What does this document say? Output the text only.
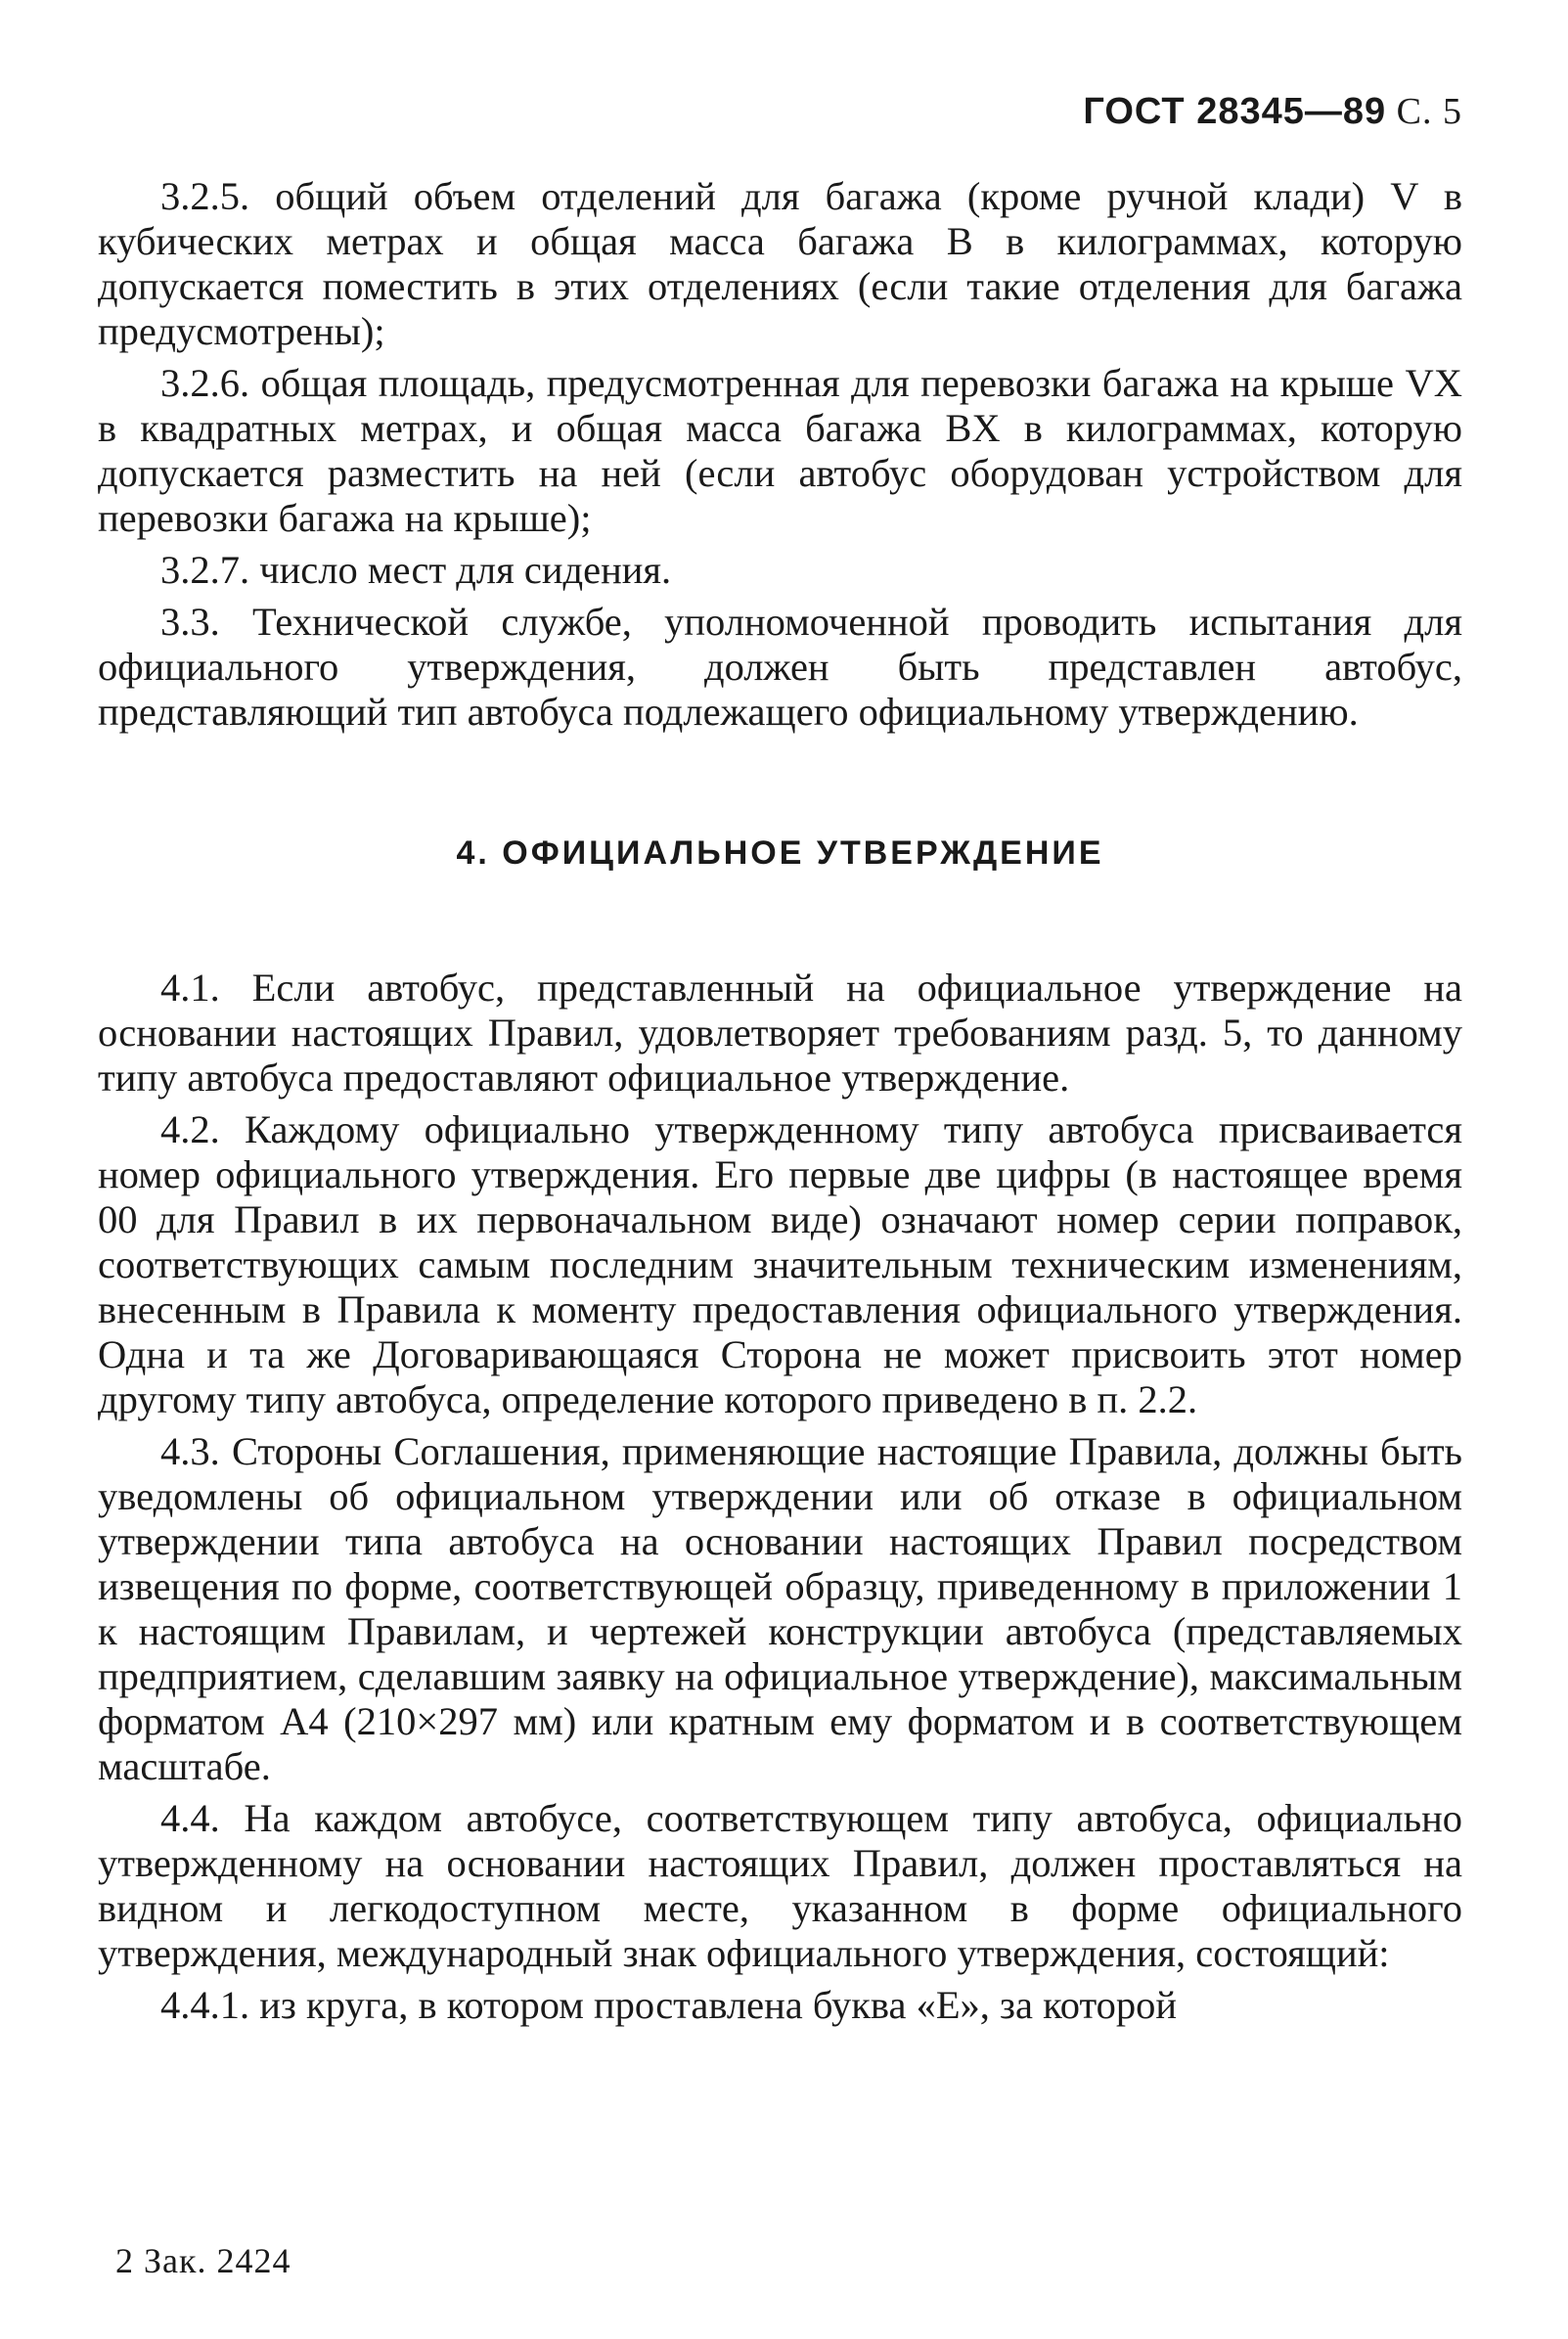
ГОСТ 28345—89 С. 5

3.2.5. общий объем отделений для багажа (кроме ручной клади) V в кубических метрах и общая масса багажа B в килограммах, которую допускается поместить в этих отделениях (если такие отделения для багажа предусмотрены);

3.2.6. общая площадь, предусмотренная для перевозки багажа на крыше VX в квадратных метрах, и общая масса багажа BX в килограммах, которую допускается разместить на ней (если автобус оборудован устройством для перевозки багажа на крыше);

3.2.7. число мест для сидения.

3.3. Технической службе, уполномоченной проводить испытания для официального утверждения, должен быть представлен автобус, представляющий тип автобуса подлежащего официальному утверждению.

4. ОФИЦИАЛЬНОЕ УТВЕРЖДЕНИЕ

4.1. Если автобус, представленный на официальное утверждение на основании настоящих Правил, удовлетворяет требованиям разд. 5, то данному типу автобуса предоставляют официальное утверждение.

4.2. Каждому официально утвержденному типу автобуса присваивается номер официального утверждения. Его первые две цифры (в настоящее время 00 для Правил в их первоначальном виде) означают номер серии поправок, соответствующих самым последним значительным техническим изменениям, внесенным в Правила к моменту предоставления официального утверждения. Одна и та же Договаривающаяся Сторона не может присвоить этот номер другому типу автобуса, определение которого приведено в п. 2.2.

4.3. Стороны Соглашения, применяющие настоящие Правила, должны быть уведомлены об официальном утверждении или об отказе в официальном утверждении типа автобуса на основании настоящих Правил посредством извещения по форме, соответствующей образцу, приведенному в приложении 1 к настоящим Правилам, и чертежей конструкции автобуса (представляемых предприятием, сделавшим заявку на официальное утверждение), максимальным форматом А4 (210×297 мм) или кратным ему форматом и в соответствующем масштабе.

4.4. На каждом автобусе, соответствующем типу автобуса, официально утвержденному на основании настоящих Правил, должен проставляться на видном и легкодоступном месте, указанном в форме официального утверждения, международный знак официального утверждения, состоящий:

4.4.1. из круга, в котором проставлена буква «Е», за которой

2 Зак. 2424
